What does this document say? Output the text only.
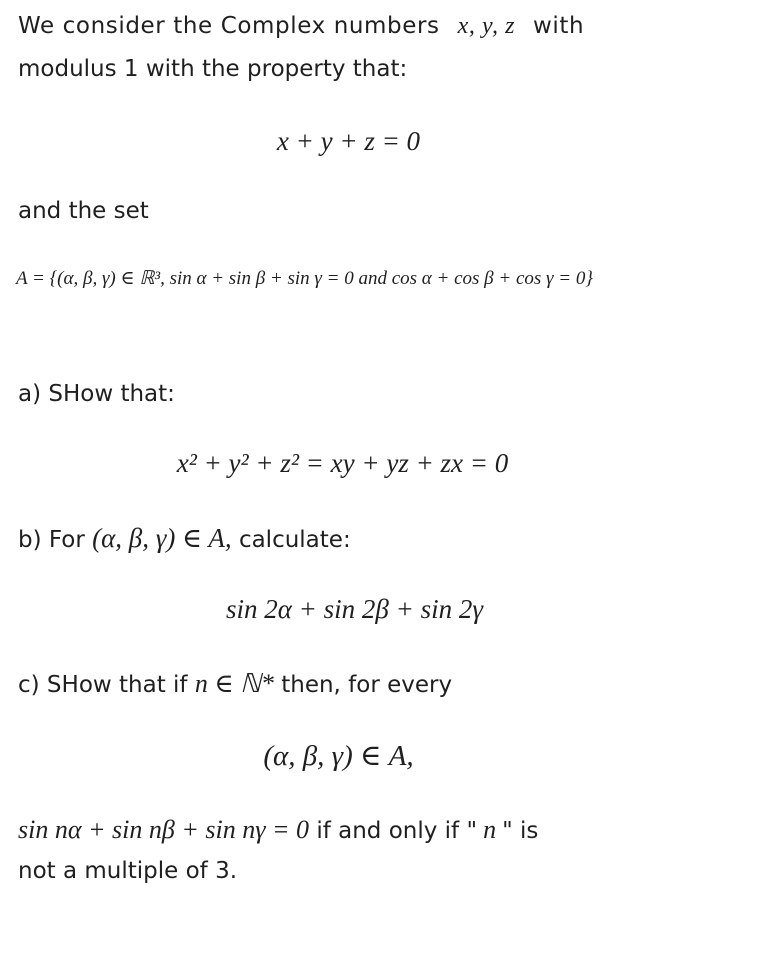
We consider the Complex numbers x, y, z with
modulus 1 with the property that:
x + y + z = 0
and the set
A = {(α, β, γ) ∈ ℝ³, sin α + sin β + sin γ = 0 and cos α + cos β + cos γ = 0}
a) SHow that:
x² + y² + z² = xy + yz + zx = 0
b) For (α, β, γ) ∈ A, calculate:
sin 2α + sin 2β + sin 2γ
c) SHow that if n ∈ ℕ* then, for every
(α, β, γ) ∈ A,
sin nα + sin nβ + sin nγ = 0 if and only if " n " is
not a multiple of 3.
